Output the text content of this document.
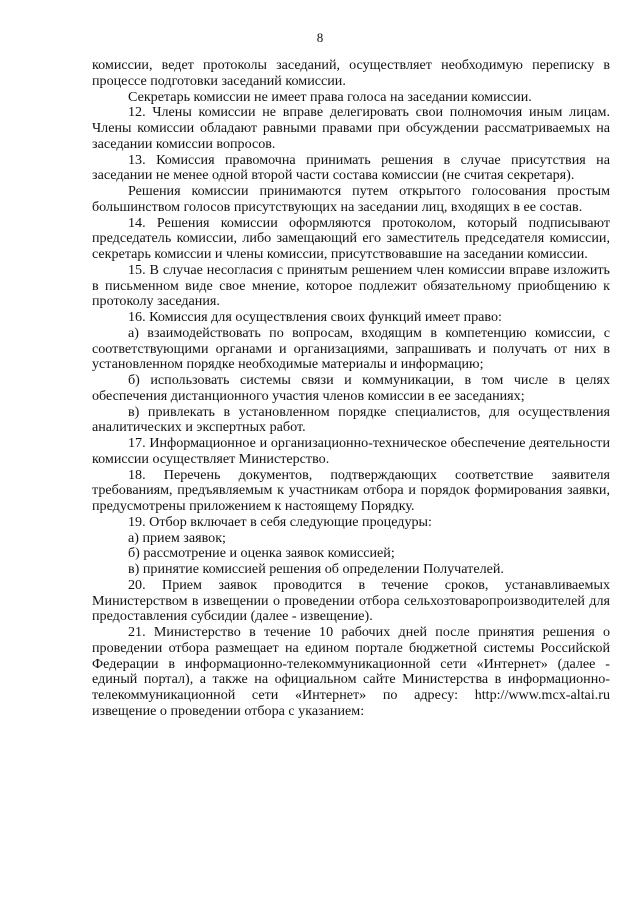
8

комиссии, ведет протоколы заседаний, осуществляет необходимую переписку в процессе подготовки заседаний комиссии.

Секретарь комиссии не имеет права голоса на заседании комиссии.

12. Члены комиссии не вправе делегировать свои полномочия иным лицам. Члены комиссии обладают равными правами при обсуждении рассматриваемых на заседании комиссии вопросов.

13. Комиссия правомочна принимать решения в случае присутствия на заседании не менее одной второй части состава комиссии (не считая секретаря).

Решения комиссии принимаются путем открытого голосования простым большинством голосов присутствующих на заседании лиц, входящих в ее состав.

14. Решения комиссии оформляются протоколом, который подписывают председатель комиссии, либо замещающий его заместитель председателя комиссии, секретарь комиссии и члены комиссии, присутствовавшие на заседании комиссии.

15. В случае несогласия с принятым решением член комиссии вправе изложить в письменном виде свое мнение, которое подлежит обязательному приобщению к протоколу заседания.

16. Комиссия для осуществления своих функций имеет право:

а) взаимодействовать по вопросам, входящим в компетенцию комиссии, с соответствующими органами и организациями, запрашивать и получать от них в установленном порядке необходимые материалы и информацию;

б) использовать системы связи и коммуникации, в том числе в целях обеспечения дистанционного участия членов комиссии в ее заседаниях;

в) привлекать в установленном порядке специалистов, для осуществления аналитических и экспертных работ.

17. Информационное и организационно-техническое обеспечение деятельности комиссии осуществляет Министерство.

18. Перечень документов, подтверждающих соответствие заявителя требованиям, предъявляемым к участникам отбора и порядок формирования заявки, предусмотрены приложением к настоящему Порядку.

19. Отбор включает в себя следующие процедуры:

а) прием заявок;

б) рассмотрение и оценка заявок комиссией;

в) принятие комиссией решения об определении Получателей.

20. Прием заявок проводится в течение сроков, устанавливаемых Министерством в извещении о проведении отбора сельхозтоваропроизводителей для предоставления субсидии (далее - извещение).

21. Министерство в течение 10 рабочих дней после принятия решения о проведении отбора размещает на едином портале бюджетной системы Российской Федерации в информационно-телекоммуникационной сети «Интернет» (далее - единый портал), а также на официальном сайте Министерства в информационно-телекоммуникационной сети «Интернет» по адресу: http://www.mcx-altai.ru извещение о проведении отбора с указанием:
